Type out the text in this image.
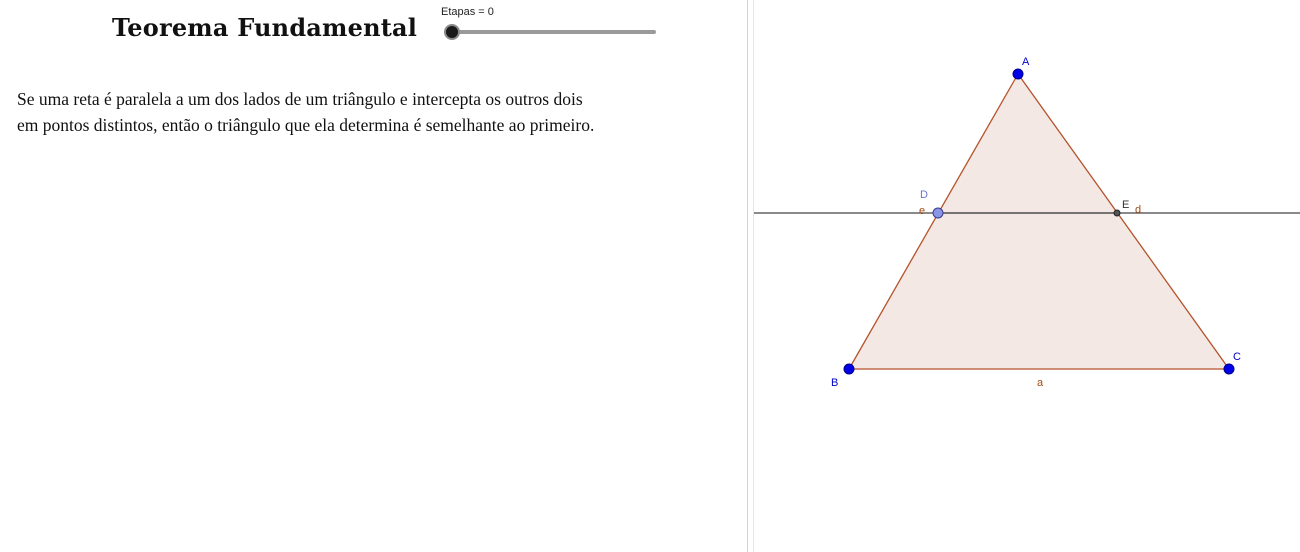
Teorema Fundamental
Etapas = 0
Se uma reta é paralela a um dos lados de um triângulo e intercepta os outros dois
em pontos distintos, então o triângulo que ela determina é semelhante ao primeiro.
A
B
C
D
E
a
d
e
